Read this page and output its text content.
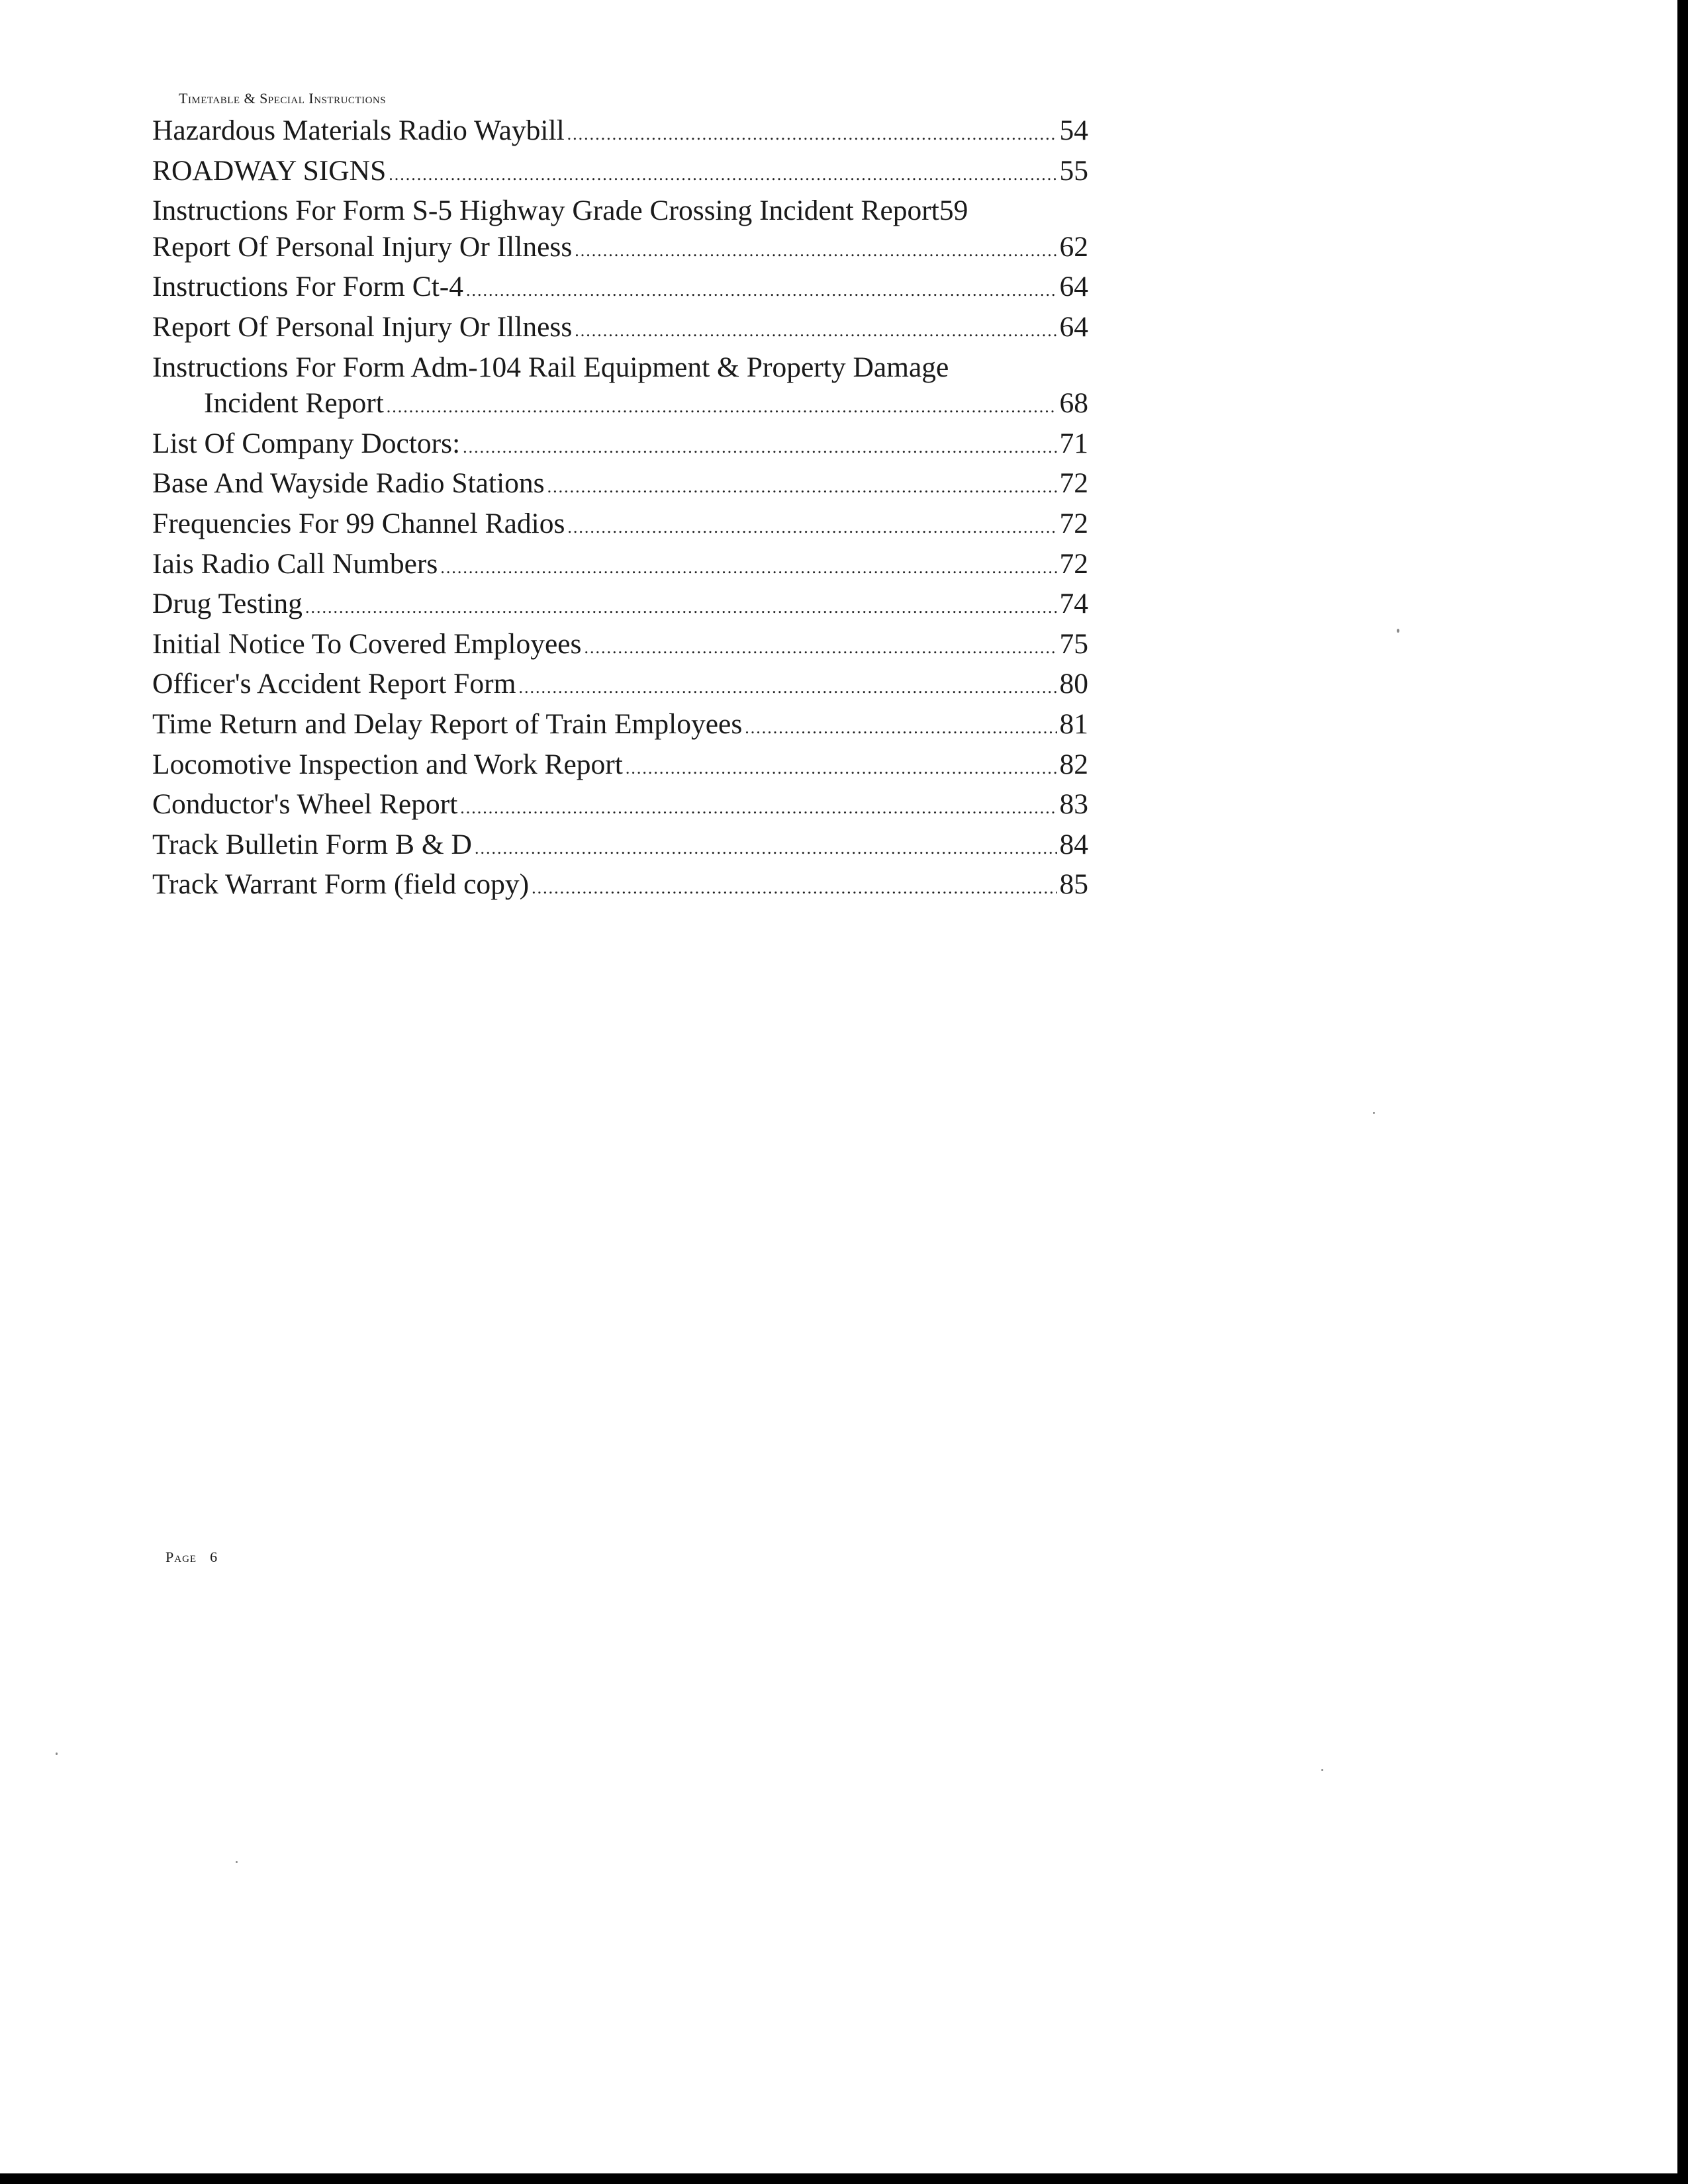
Timetable & Special Instructions
Hazardous Materials Radio Waybill .....	54
ROADWAY SIGNS .....	55
Instructions For Form S-5 Highway Grade Crossing Incident Report 59
Report Of Personal Injury Or Illness .....	62
Instructions For Form Ct-4 .....	64
Report Of Personal Injury Or Illness .....	64
Instructions For Form Adm-104 Rail Equipment & Property Damage
Incident Report .....	68
List Of Company Doctors: .....	71
Base And Wayside Radio Stations .....	72
Frequencies For 99 Channel Radios .....	72
Iais Radio Call Numbers .....	72
Drug Testing .....	74
Initial Notice To Covered Employees .....	75
Officer's Accident Report Form .....	80
Time Return and Delay Report of Train Employees .....	81
Locomotive Inspection and Work Report .....	82
Conductor's Wheel Report .....	83
Track Bulletin Form B & D .....	84
Track Warrant Form (field copy) .....	85
Page 6
